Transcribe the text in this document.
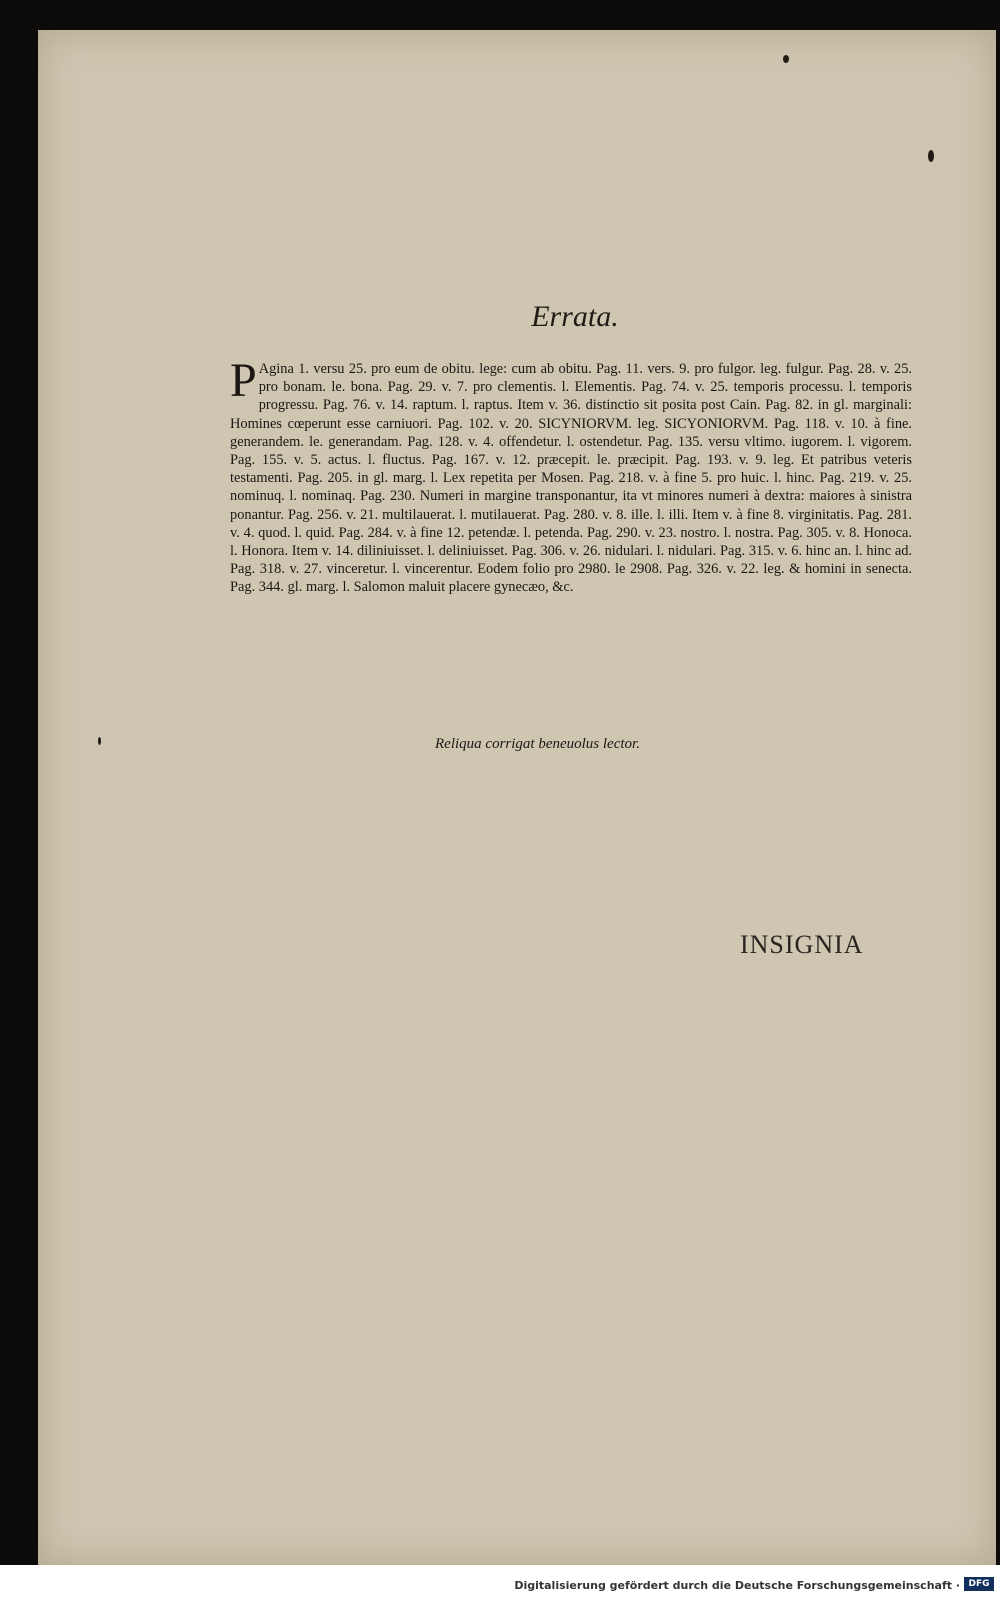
Errata.

P Agina 1. versu 25. pro eum de obitu. lege: cum ab obitu. Pag. 11. vers. 9. pro fulgor. leg. fulgur. Pag. 28. v. 25. pro bonam. le. bona. Pag. 29. v. 7. pro clementis. l. Elementis. Pag. 74. v. 25. temporis processu. l. temporis progressu. Pag. 76. v. 14. raptum. l. raptus. Item v. 36. distinctio sit posita post Cain. Pag. 82. in gl. marginali: Homines cœperunt esse carniuori. Pag. 102. v. 20. SICYNIORVM. leg. SICYONIORVM. Pag. 118. v. 10. à fine. generandem. le. generandam. Pag. 128. v. 4. offendetur. l. ostendetur. Pag. 135. versu vltimo. iugorem. l. vigorem. Pag. 155. v. 5. actus. l. fluctus. Pag. 167. v. 12. præcepit. le. præcipit. Pag. 193. v. 9. leg. Et patribus veteris testamenti. Pag. 205. in gl. marg. l. Lex repetita per Mosen. Pag. 218. v. à fine 5. pro huic. l. hinc. Pag. 219. v. 25. nominuq. l. nominaq. Pag. 230. Numeri in margine transponantur, ita vt minores numeri à dextra: maiores à sinistra ponantur. Pag. 256. v. 21. multilauerat. l. mutilauerat. Pag. 280. v. 8. ille. l. illi. Item v. à fine 8. virginitatis. Pag. 281. v. 4. quod. l. quid. Pag. 284. v. à fine 12. petendæ. l. petenda. Pag. 290. v. 23. nostro. l. nostra. Pag. 305. v. 8. Honoca. l. Honora. Item v. 14. diliniuisset. l. deliniuisset. Pag. 306. v. 26. nidulari. l. nidulari. Pag. 315. v. 6. hinc an. l. hinc ad. Pag. 318. v. 27. vinceretur. l. vincerentur. Eodem folio pro 2980. le 2908. Pag. 326. v. 22. leg. & homini in senecta. Pag. 344. gl. marg. l. Salomon maluit placere gynecæo, &c.

Reliqua corrigat beneuolus lector.
INSIGNIA
Digitalisierung gefördert durch die Deutsche Forschungsgemeinschaft · DFG
